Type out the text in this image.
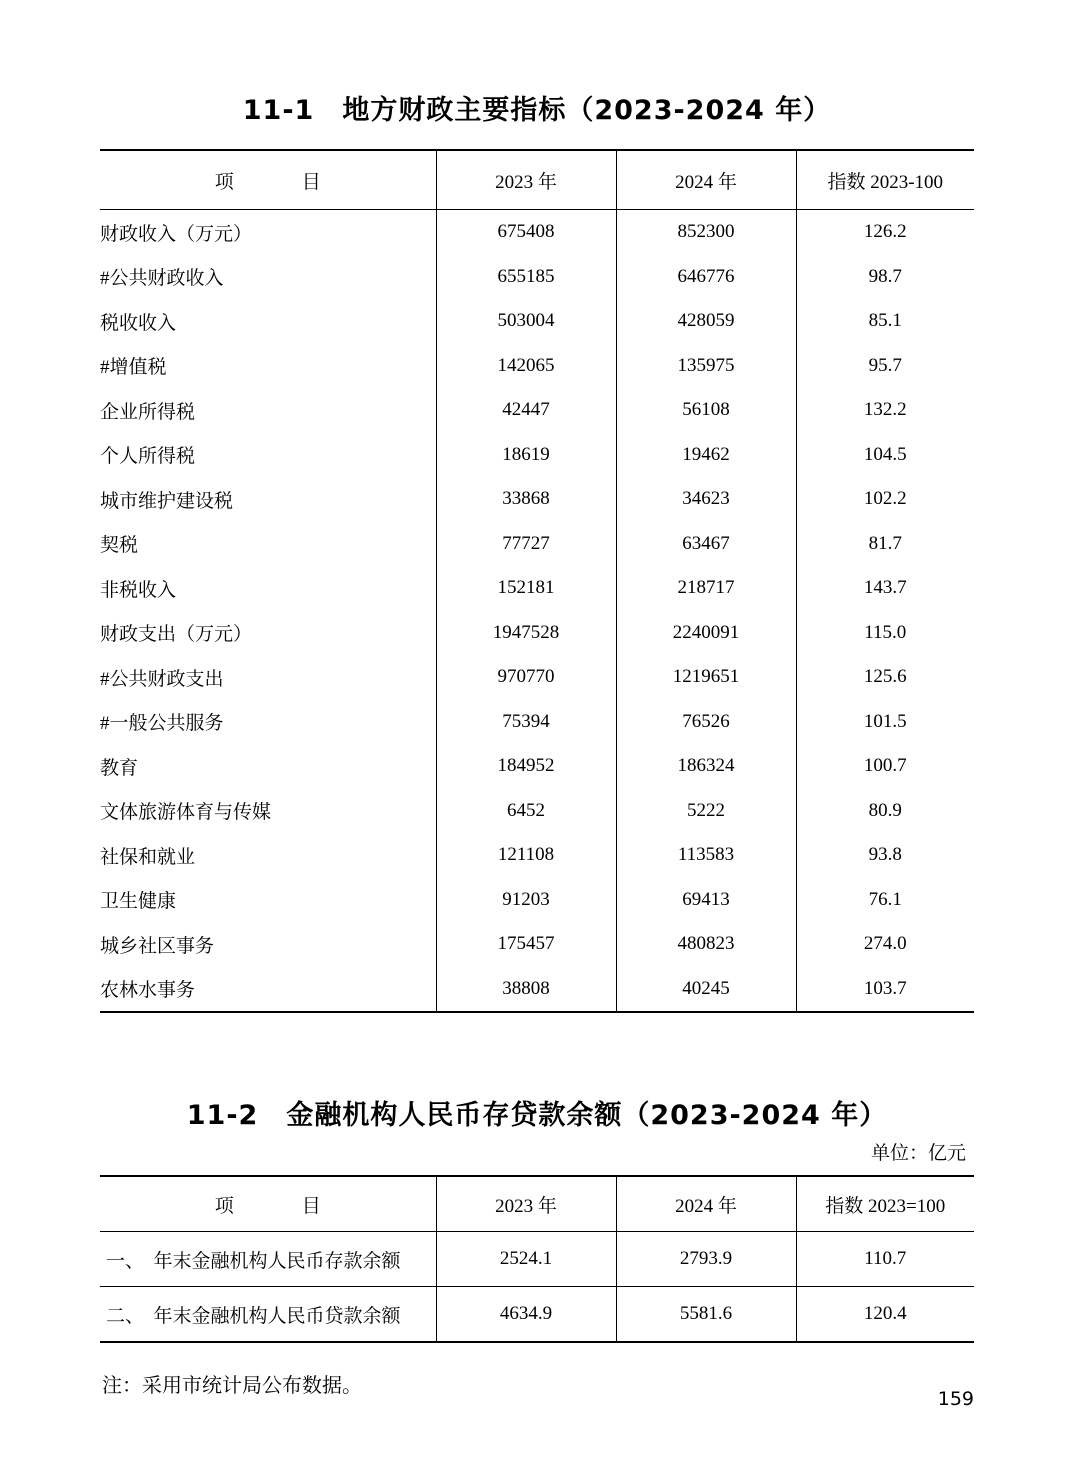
11-1　地方财政主要指标（2023-2024 年）
项　　目	2023 年	2024 年	指数 2023-100
财政收入（万元）	675408	852300	126.2
#公共财政收入	655185	646776	98.7
税收收入	503004	428059	85.1
#增值税	142065	135975	95.7
企业所得税	42447	56108	132.2
个人所得税	18619	19462	104.5
城市维护建设税	33868	34623	102.2
契税	77727	63467	81.7
非税收入	152181	218717	143.7
财政支出（万元）	1947528	2240091	115.0
#公共财政支出	970770	1219651	125.6
#一般公共服务	75394	76526	101.5
教育	184952	186324	100.7
文体旅游体育与传媒	6452	5222	80.9
社保和就业	121108	113583	93.8
卫生健康	91203	69413	76.1
城乡社区事务	175457	480823	274.0
农林水事务	38808	40245	103.7
11-2　金融机构人民币存贷款余额（2023-2024 年）
单位：亿元
项　　目	2023 年	2024 年	指数 2023=100
一、　年末金融机构人民币存款余额	2524.1	2793.9	110.7
二、　年末金融机构人民币贷款余额	4634.9	5581.6	120.4
注：采用市统计局公布数据。
159
